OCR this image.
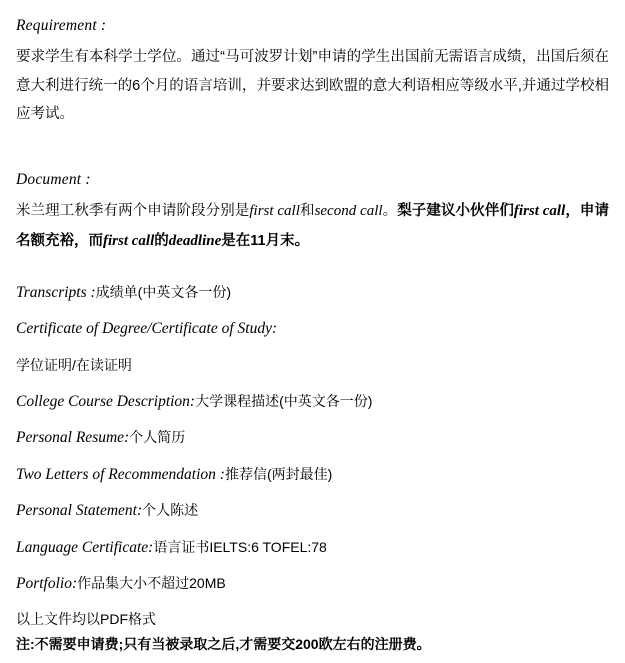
Requirement :

要求学生有本科学士学位。通过“马可波罗计划”申请的学生出国前无需语言成绩，出国后须在意大利进行统一的6个月的语言培训，并要求达到欧盟的意大利语相应等级水平,并通过学校相应考试。

Document :

米兰理工秋季有两个申请阶段分别是first call和second call。梨子建议小伙伴们first call，申请名额充裕，而first call的deadline是在11月末。

Transcripts :成绩单(中英文各一份)

Certificate of Degree/Certificate of Study:

学位证明/在读证明

College Course Description:大学课程描述(中英文各一份)

Personal Resume:个人简历

Two Letters of Recommendation :推荐信(两封最佳)

Personal Statement:个人陈述

Language Certificate:语言证书IELTS:6 TOFEL:78

Portfolio:作品集大小不超过20MB

以上文件均以PDF格式

注:不需要申请费;只有当被录取之后,才需要交200欧左右的注册费。
